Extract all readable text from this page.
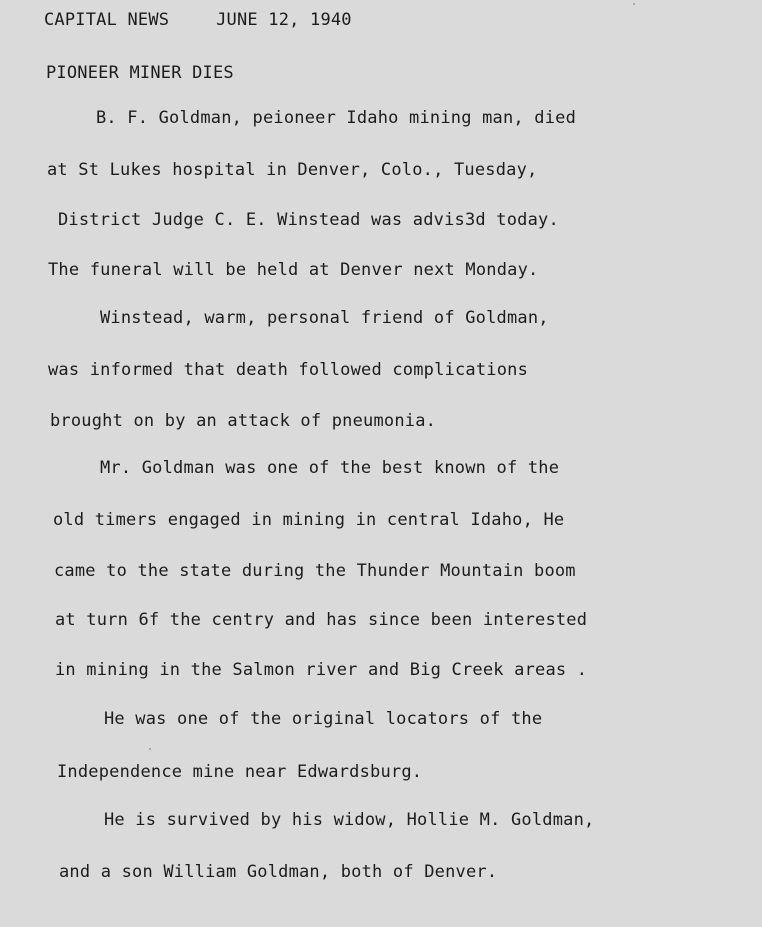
CAPITAL NEWS	JUNE 12, 1940
PIONEER MINER DIES
B. F. Goldman, peioneer Idaho mining man, died
at St Lukes hospital in Denver, Colo., Tuesday,
District Judge C. E. Winstead was advis3d today.
The funeral will be held at Denver next Monday.
Winstead, warm, personal friend of Goldman,
was informed that death followed complications
brought on by an attack of pneumonia.
Mr. Goldman was one of the best known of the
old timers engaged in mining in central Idaho, He
came to the state during the Thunder Mountain boom
at turn 6f the centry and has since been interested
in mining in the Salmon river and Big Creek areas .
He was one of the original locators of the
Independence mine near Edwardsburg.
He is survived by his widow, Hollie M. Goldman,
and a son William Goldman, both of Denver.
